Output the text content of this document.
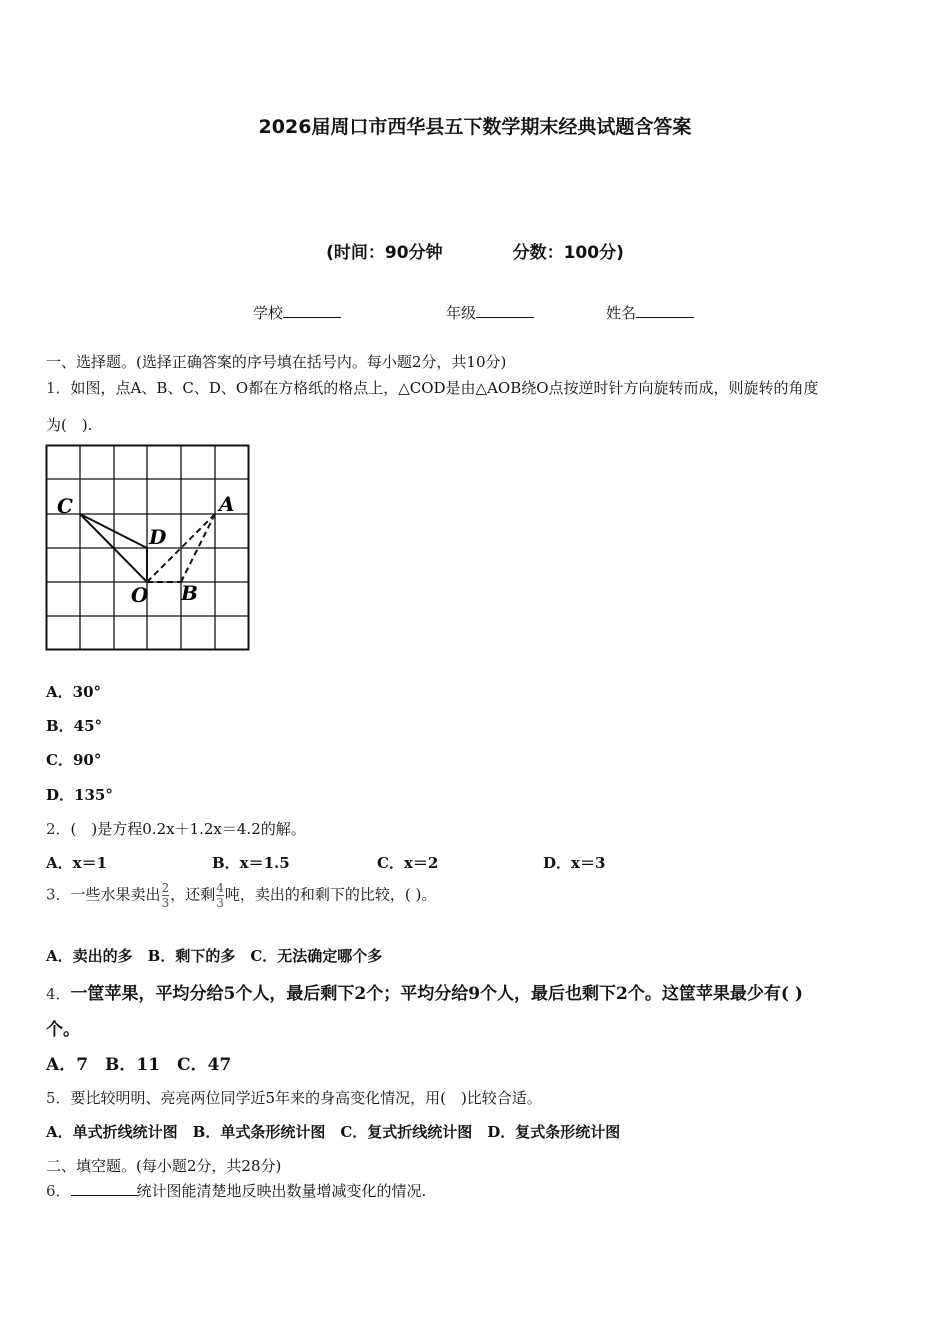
2026届周口市西华县五下数学期末经典试题含答案
(时间：90分钟	分数：100分)
学校	年级	姓名
一、选择题。(选择正确答案的序号填在括号内。每小题2分，共10分)
1．如图，点A、B、C、D、O都在方格纸的格点上，△COD是由△AOB绕O点按逆时针方向旋转而成，则旋转的角度
为(　).
C
D
A
O B
A．30°
B．45°
C．90°
D．135°
2．(　)是方程0.2x＋1.2x＝4.2的解。
A．x＝1	B．x＝1.5	C．x＝2	D．x＝3
3．一些水果卖出 $\frac{2}{3}$ ，还剩 $\frac{4}{3}$ 吨，卖出的和剩下的比较，( )。
A．卖出的多　B．剩下的多　C．无法确定哪个多
4．一筐苹果，平均分给5个人，最后剩下2个；平均分给9个人，最后也剩下2个。这筐苹果最少有( )
个。
A．7　B．11　C．47
5．要比较明明、亮亮两位同学近5年来的身高变化情况，用(　)比较合适。
A．单式折线统计图　B．单式条形统计图　C．复式折线统计图　D．复式条形统计图
二、填空题。(每小题2分，共28分)
6．	统计图能清楚地反映出数量增减变化的情况.
